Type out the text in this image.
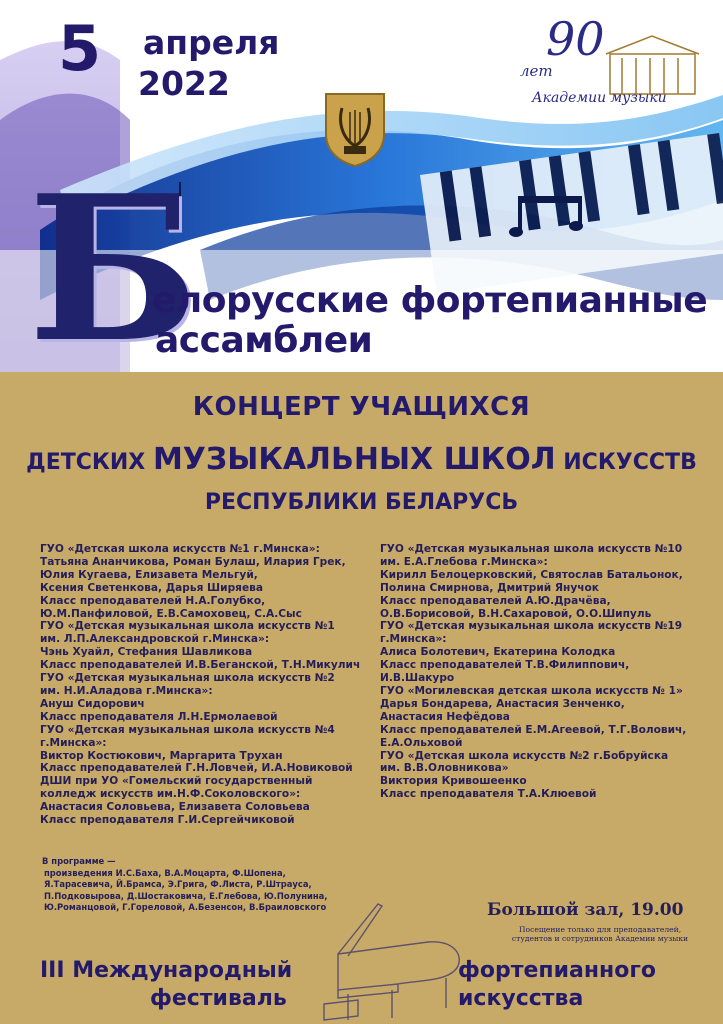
5 апреля
2022
90
лет
Академии музыки
Б
елорусские фортепианные
ассамблеи
КОНЦЕРТ УЧАЩИХСЯ
ДЕТСКИХ МУЗЫКАЛЬНЫХ ШКОЛ ИСКУССТВ
РЕСПУБЛИКИ БЕЛАРУСЬ
ГУО «Детская школа искусств №1 г.Минска»:
Татьяна Ананчикова, Роман Булаш, Илария Грек,
Юлия Кугаева, Елизавета Мельгуй,
Ксения Светенкова, Дарья Ширяева
Класс преподавателей Н.А.Голубко,
Ю.М.Панфиловой, Е.В.Самоховец, С.А.Сыс
ГУО «Детская музыкальная школа искусств №1
им. Л.П.Александровской г.Минска»:
Чэнь Хуайл, Стефания Шавликова
Класс преподавателей И.В.Беганской, Т.Н.Микулич
ГУО «Детская музыкальная школа искусств №2
им. Н.И.Аладова г.Минска»:
Ануш Сидорович
Класс преподавателя Л.Н.Ермолаевой
ГУО «Детская музыкальная школа искусств №4
г.Минска»:
Виктор Костюкович, Маргарита Трухан
Класс преподавателей Г.Н.Ловчей, И.А.Новиковой
ДШИ при УО «Гомельский государственный
колледж искусств им.Н.Ф.Соколовского»:
Анастасия Соловьева, Елизавета Соловьева
Класс преподавателя Г.И.Сергейчиковой
ГУО «Детская музыкальная школа искусств №10
им. Е.А.Глебова г.Минска»:
Кирилл Белоцерковский, Святослав Батальонок,
Полина Смирнова, Дмитрий Янучок
Класс преподавателей А.Ю.Драчёва,
О.В.Борисовой, В.Н.Сахаровой, О.О.Шипуль
ГУО «Детская музыкальная школа искусств №19
г.Минска»:
Алиса Болотевич, Екатерина Колодка
Класс преподавателей Т.В.Филиппович,
И.В.Шакуро
ГУО «Могилевская детская школа искусств № 1»
Дарья Бондарева, Анастасия Зенченко,
Анастасия Нефёдова
Класс преподавателей Е.М.Агеевой, Т.Г.Волович,
Е.А.Ольховой
ГУО «Детская школа искусств №2 г.Бобруйска
им. В.В.Оловникова»
Виктория Кривошеенко
Класс преподавателя Т.А.Клюевой
В программе —
произведения И.С.Баха, В.А.Моцарта, Ф.Шопена,
Я.Тарасевича, Й.Брамса, Э.Грига, Ф.Листа, Р.Штрауса,
П.Подковырова, Д.Шостаковича, Е.Глебова, Ю.Полунина,
Ю.Романцовой, Г.Гореловой, А.Безенсон, В.Браиловского	Большой зал, 19.00
Посещение только для преподавателей,
студентов и сотрудников Академии музыки
III Международный
фестиваль
фортепианного
искусства
